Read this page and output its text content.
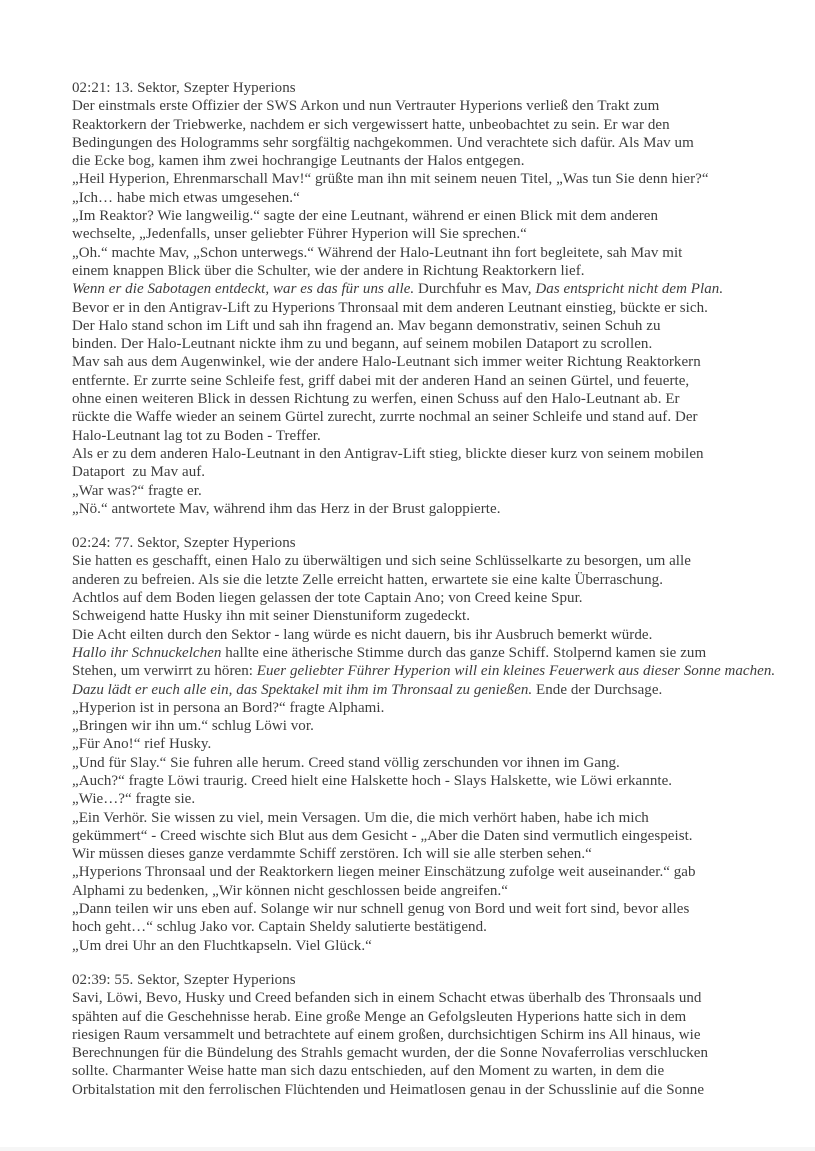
02:21: 13. Sektor, Szepter Hyperions
Der einstmals erste Offizier der SWS Arkon und nun Vertrauter Hyperions verließ den Trakt zum
Reaktorkern der Triebwerke, nachdem er sich vergewissert hatte, unbeobachtet zu sein. Er war den
Bedingungen des Hologramms sehr sorgfältig nachgekommen. Und verachtete sich dafür. Als Mav um
die Ecke bog, kamen ihm zwei hochrangige Leutnants der Halos entgegen.
„Heil Hyperion, Ehrenmarschall Mav!“ grüßte man ihn mit seinem neuen Titel, „Was tun Sie denn hier?“
„Ich… habe mich etwas umgesehen.“
„Im Reaktor? Wie langweilig.“ sagte der eine Leutnant, während er einen Blick mit dem anderen
wechselte, „Jedenfalls, unser geliebter Führer Hyperion will Sie sprechen.“
„Oh.“ machte Mav, „Schon unterwegs.“ Während der Halo-Leutnant ihn fort begleitete, sah Mav mit
einem knappen Blick über die Schulter, wie der andere in Richtung Reaktorkern lief.
Wenn er die Sabotagen entdeckt, war es das für uns alle. Durchfuhr es Mav, Das entspricht nicht dem Plan.
Bevor er in den Antigrav-Lift zu Hyperions Thronsaal mit dem anderen Leutnant einstieg, bückte er sich.
Der Halo stand schon im Lift und sah ihn fragend an. Mav begann demonstrativ, seinen Schuh zu
binden. Der Halo-Leutnant nickte ihm zu und begann, auf seinem mobilen Dataport zu scrollen.
Mav sah aus dem Augenwinkel, wie der andere Halo-Leutnant sich immer weiter Richtung Reaktorkern
entfernte. Er zurrte seine Schleife fest, griff dabei mit der anderen Hand an seinen Gürtel, und feuerte,
ohne einen weiteren Blick in dessen Richtung zu werfen, einen Schuss auf den Halo-Leutnant ab. Er
rückte die Waffe wieder an seinem Gürtel zurecht, zurrte nochmal an seiner Schleife und stand auf. Der
Halo-Leutnant lag tot zu Boden - Treffer.
Als er zu dem anderen Halo-Leutnant in den Antigrav-Lift stieg, blickte dieser kurz von seinem mobilen
Dataport  zu Mav auf.
„War was?“ fragte er.
„Nö.“ antwortete Mav, während ihm das Herz in der Brust galoppierte.
02:24: 77. Sektor, Szepter Hyperions
Sie hatten es geschafft, einen Halo zu überwältigen und sich seine Schlüsselkarte zu besorgen, um alle
anderen zu befreien. Als sie die letzte Zelle erreicht hatten, erwartete sie eine kalte Überraschung.
Achtlos auf dem Boden liegen gelassen der tote Captain Ano; von Creed keine Spur.
Schweigend hatte Husky ihn mit seiner Dienstuniform zugedeckt.
Die Acht eilten durch den Sektor - lang würde es nicht dauern, bis ihr Ausbruch bemerkt würde.
Hallo ihr Schnuckelchen hallte eine ätherische Stimme durch das ganze Schiff. Stolpernd kamen sie zum
Stehen, um verwirrt zu hören: Euer geliebter Führer Hyperion will ein kleines Feuerwerk aus dieser Sonne machen.
Dazu lädt er euch alle ein, das Spektakel mit ihm im Thronsaal zu genießen. Ende der Durchsage.
„Hyperion ist in persona an Bord?“ fragte Alphami.
„Bringen wir ihn um.“ schlug Löwi vor.
„Für Ano!“ rief Husky.
„Und für Slay.“ Sie fuhren alle herum. Creed stand völlig zerschunden vor ihnen im Gang.
„Auch?“ fragte Löwi traurig. Creed hielt eine Halskette hoch - Slays Halskette, wie Löwi erkannte.
„Wie…?“ fragte sie.
„Ein Verhör. Sie wissen zu viel, mein Versagen. Um die, die mich verhört haben, habe ich mich
gekümmert“ - Creed wischte sich Blut aus dem Gesicht - „Aber die Daten sind vermutlich eingespeist.
Wir müssen dieses ganze verdammte Schiff zerstören. Ich will sie alle sterben sehen.“
„Hyperions Thronsaal und der Reaktorkern liegen meiner Einschätzung zufolge weit auseinander.“ gab
Alphami zu bedenken, „Wir können nicht geschlossen beide angreifen.“
„Dann teilen wir uns eben auf. Solange wir nur schnell genug von Bord und weit fort sind, bevor alles
hoch geht…“ schlug Jako vor. Captain Sheldy salutierte bestätigend.
„Um drei Uhr an den Fluchtkapseln. Viel Glück.“
02:39: 55. Sektor, Szepter Hyperions
Savi, Löwi, Bevo, Husky und Creed befanden sich in einem Schacht etwas überhalb des Thronsaals und
spähten auf die Geschehnisse herab. Eine große Menge an Gefolgsleuten Hyperions hatte sich in dem
riesigen Raum versammelt und betrachtete auf einem großen, durchsichtigen Schirm ins All hinaus, wie
Berechnungen für die Bündelung des Strahls gemacht wurden, der die Sonne Novaferrolias verschlucken
sollte. Charmanter Weise hatte man sich dazu entschieden, auf den Moment zu warten, in dem die
Orbitalstation mit den ferrolischen Flüchtenden und Heimatlosen genau in der Schusslinie auf die Sonne
